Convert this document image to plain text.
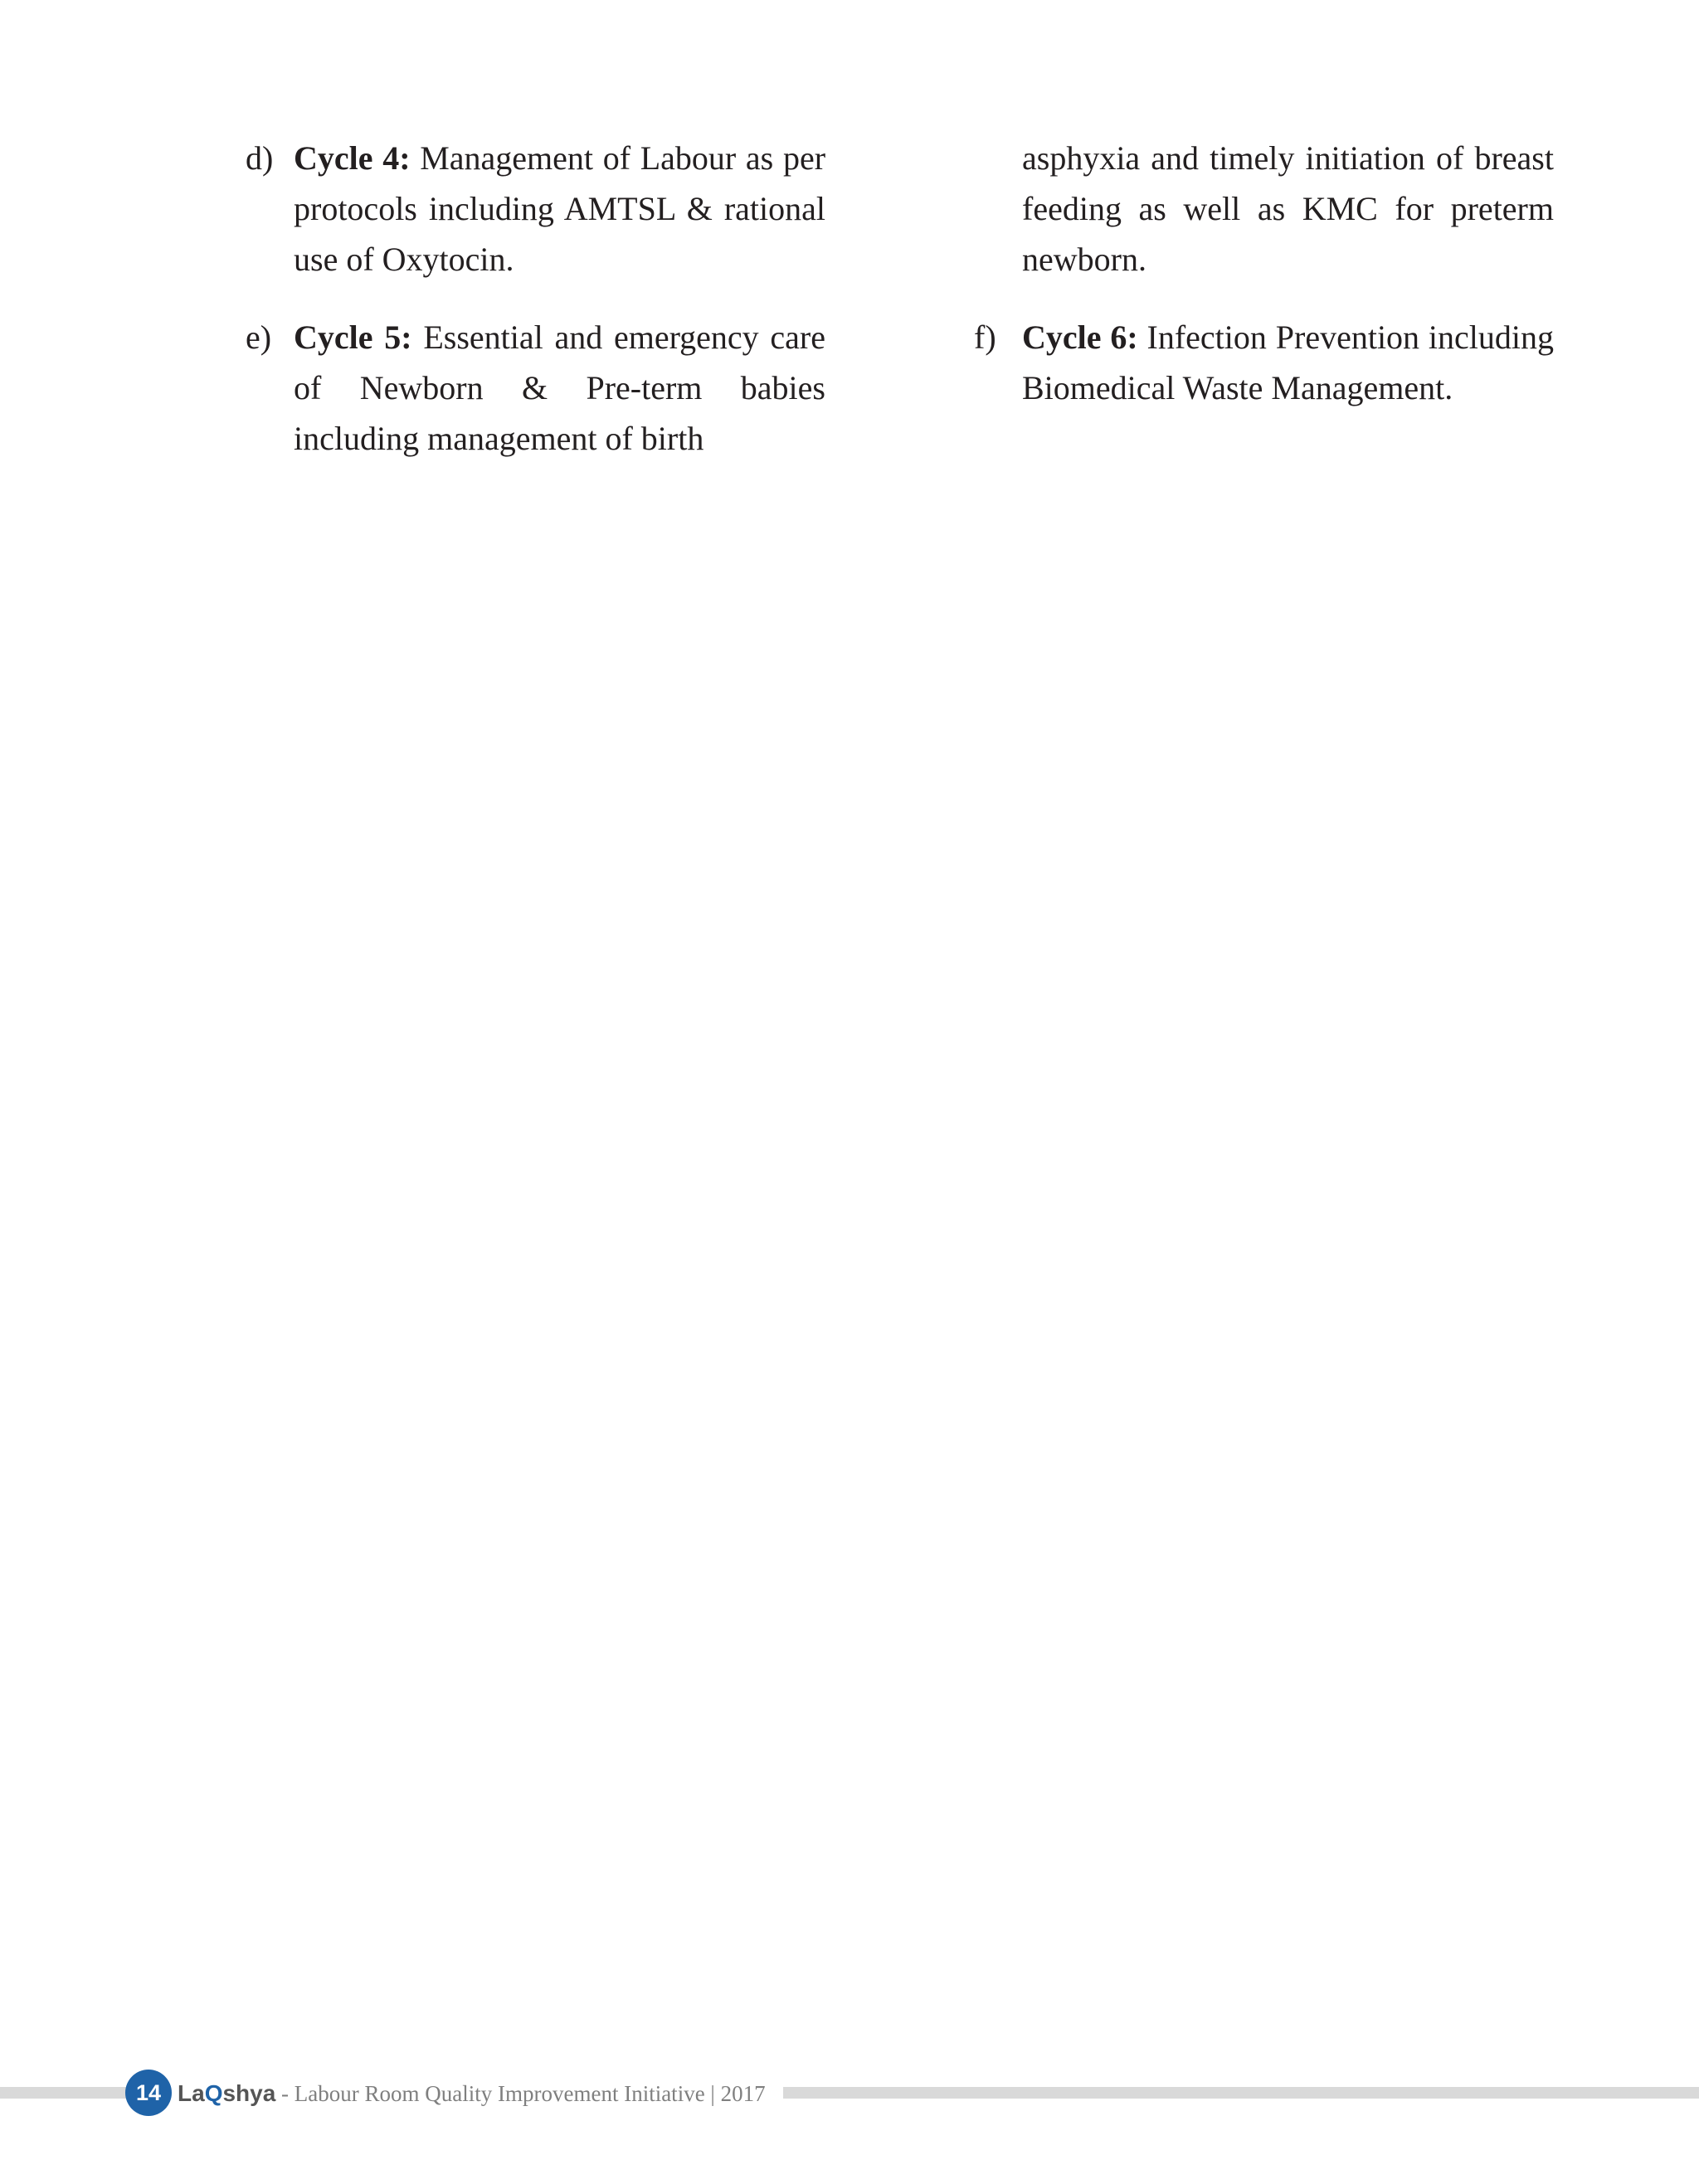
d) Cycle 4: Management of Labour as per protocols including AMTSL & rational use of Oxytocin.
e) Cycle 5: Essential and emergency care of Newborn & Pre-term babies including management of birth
asphyxia and timely initiation of breast feeding as well as KMC for preterm newborn.
f) Cycle 6: Infection Prevention including Biomedical Waste Management.
14 LaQshya - Labour Room Quality Improvement Initiative | 2017
